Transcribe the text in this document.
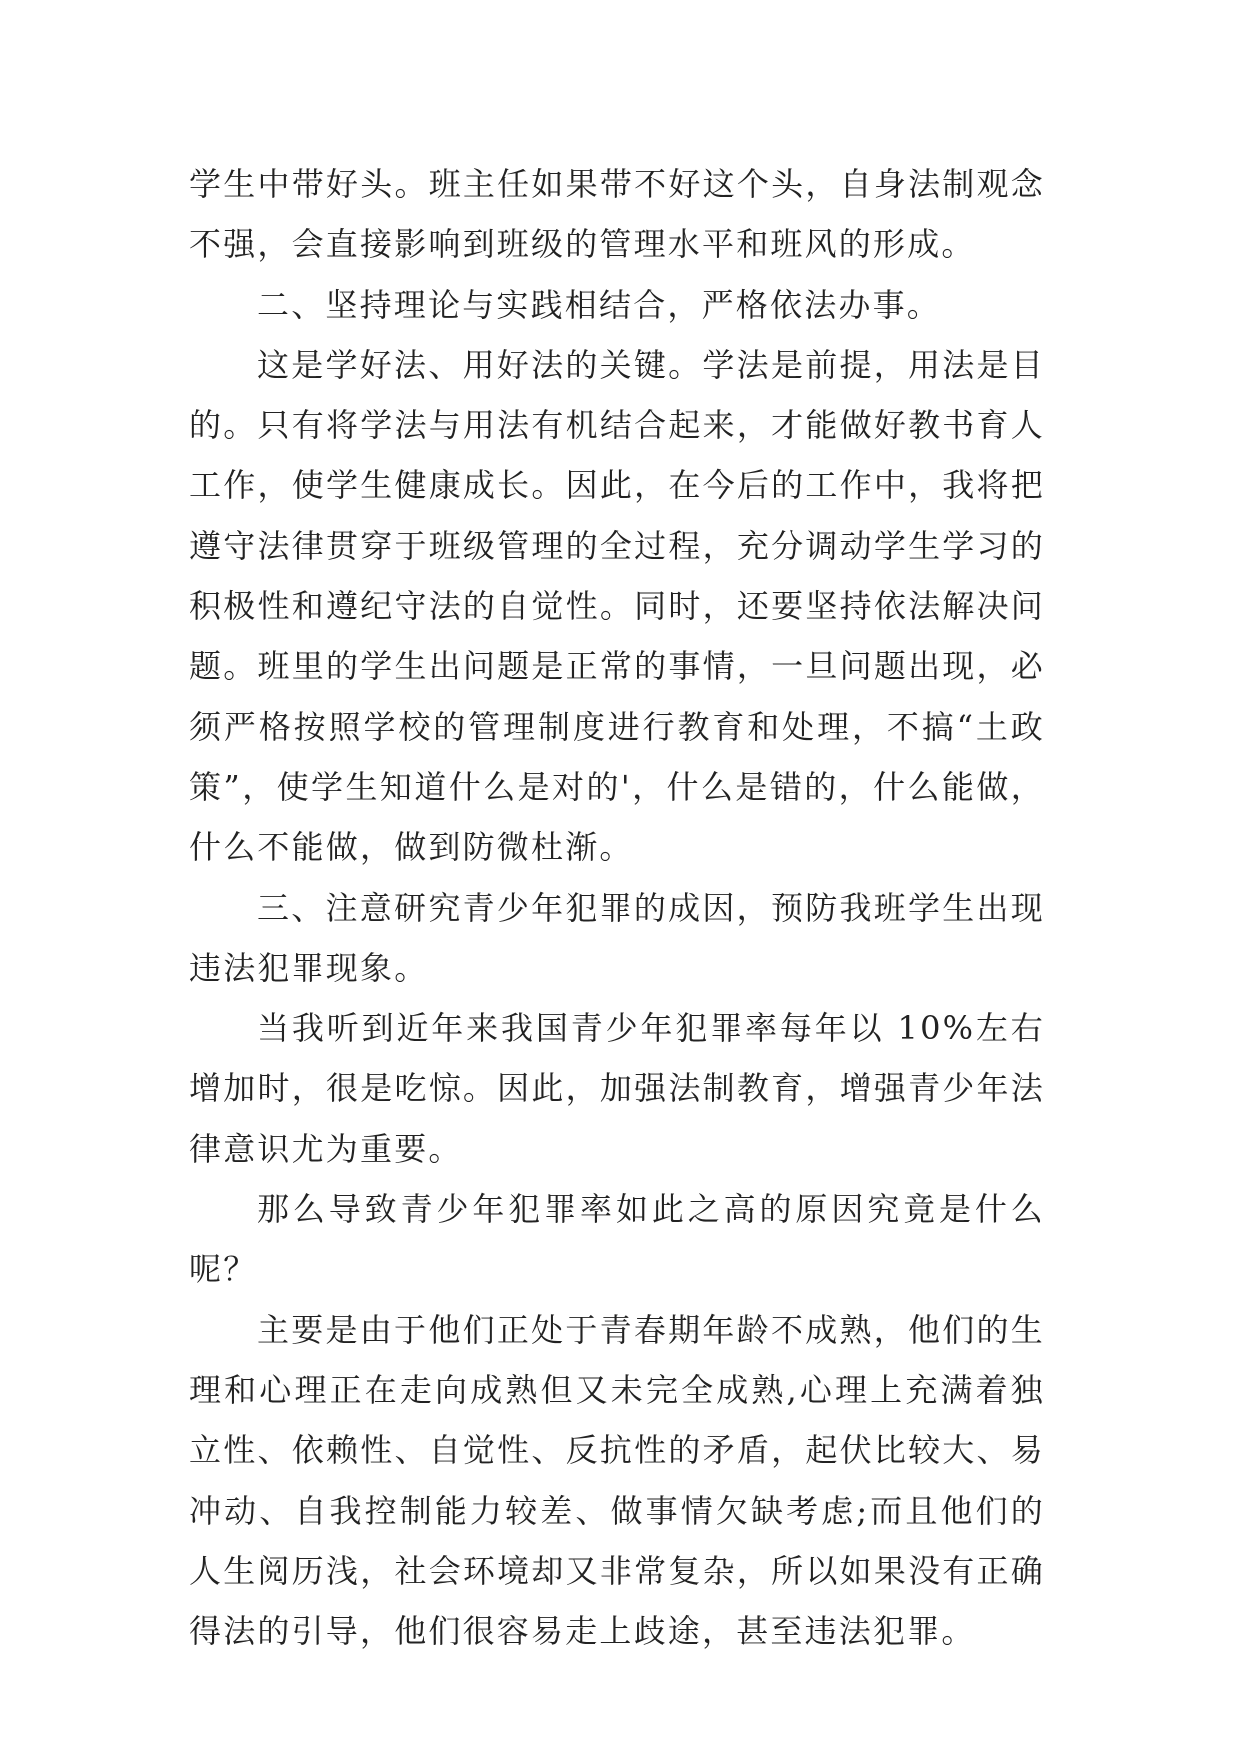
学生中带好头。班主任如果带不好这个头，自身法制观念不强，会直接影响到班级的管理水平和班风的形成。

二、坚持理论与实践相结合，严格依法办事。

这是学好法、用好法的关键。学法是前提，用法是目的。只有将学法与用法有机结合起来，才能做好教书育人工作，使学生健康成长。因此，在今后的工作中，我将把遵守法律贯穿于班级管理的全过程，充分调动学生学习的积极性和遵纪守法的自觉性。同时，还要坚持依法解决问题。班里的学生出问题是正常的事情，一旦问题出现，必须严格按照学校的管理制度进行教育和处理，不搞“土政策”，使学生知道什么是对的'，什么是错的，什么能做，什么不能做，做到防微杜渐。

三、注意研究青少年犯罪的成因，预防我班学生出现违法犯罪现象。

当我听到近年来我国青少年犯罪率每年以 10%左右增加时，很是吃惊。因此，加强法制教育，增强青少年法律意识尤为重要。

那么导致青少年犯罪率如此之高的原因究竟是什么呢？

主要是由于他们正处于青春期年龄不成熟，他们的生理和心理正在走向成熟但又未完全成熟,心理上充满着独立性、依赖性、自觉性、反抗性的矛盾，起伏比较大、易冲动、自我控制能力较差、做事情欠缺考虑;而且他们的人生阅历浅，社会环境却又非常复杂，所以如果没有正确得法的引导，他们很容易走上歧途，甚至违法犯罪。
